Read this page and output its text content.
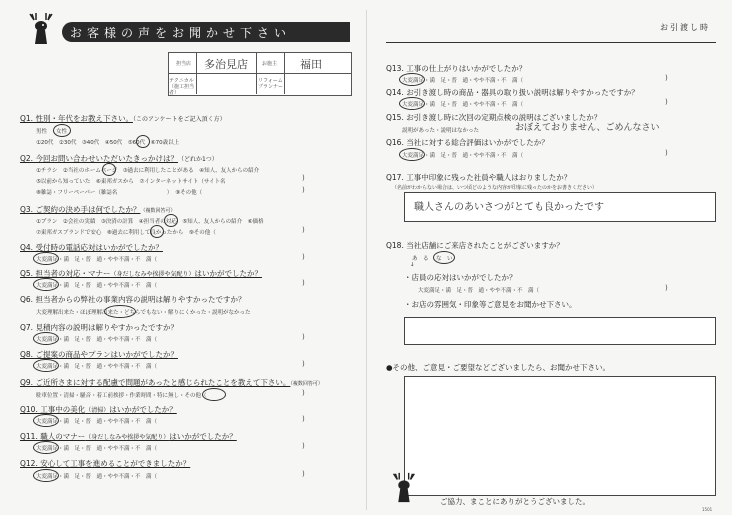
お客様の声をお聞かせ下さい
担当店 多治見店	お施主 福田
テクニカル（施工担当者）
リフォームプランナー
Q1. 性別・年代をお教え下さい。（このアンケートをご記入頂く方）
男性 女性
①20代　②30代　③40代　④50代　⑤60代　⑥70歳以上
Q2. 今回お問い合わせいただいたきっかけは？（どれか1つ）
①チラシ　②当社のホームページ　③過去に利用したことがある　④知人、友人からの紹介
⑤以前から知っていた　⑥東邦ガスから　⑦インターネットサイト（サイト名
⑧雑誌・フリーペーパー（雑誌名　　　　　　　　　）　⑨その他（
)
)
Q3. ご契約の決め手は何でしたか？（複数回答可）
①プラン　②会社の実績　③決済の計算　④担当者の対応　⑤知人、友人からの紹介　⑥価格
⑦東邦ガスブランドで安心　⑧過去に利用して良かったから　⑨その他（	)
Q4. 受付時の電話応対はいかがでしたか？
大変満足・満　足・普　通・やや不満・不　満（	)
Q5. 担当者の対応・マナー（身だしなみや挨拶や気配り）はいかがでしたか？
大変満足・満　足・普　通・やや不満・不　満（	)
Q6. 担当者からの弊社の事業内容の説明は解りやすかったですか？
大変理解出来た・ほぼ理解出来た・どちらでもない・解りにくかった・説明がなかった
Q7. 見積内容の説明は解りやすかったですか？
大変満足・満　足・普　通・やや不満・不　満（	)
Q8. ご提案の商品やプランはいかがでしたか？
大変満足・満　足・普　通・やや不満・不　満（	)
Q9. ご近所さまに対する配慮で問題があったと感じられたことを教えて下さい。（複数回答可）
駐車位置・清掃・騒音・着工前挨拶・作業時間・特に無し・その他（	)
Q10. 工事中の美化（清掃）はいかがでしたか？
大変満足・満　足・普　通・やや不満・不　満（	)
Q11. 職人のマナー（身だしなみや挨拶や気配り）はいかがでしたか？
大変満足・満　足・普　通・やや不満・不　満（	)
Q12. 安心して工事を進めることができましたか？
大変満足・満　足・普　通・やや不満・不　満（	)
お引渡し時
Q13. 工事の仕上がりはいかがでしたか？
大変満足・満　足・普　通・やや不満・不　満（	)
Q14. お引き渡し時の商品・器具の取り扱い説明は解りやすかったですか？
大変満足・満　足・普　通・やや不満・不　満（	)
Q15. お引き渡し時に次回の定期点検の説明はございましたか？
説明があった・説明はなかった	おぼえておりません、ごめんなさい
Q16. 当社に対する総合評価はいかがでしたか？
大変満足・満　足・普　通・やや不満・不　満（	)
Q17. 工事中印象に残った社員や職人はおりましたか？
（名前がわからない場合は、いつ頃どのような内容が印象に残ったのかをお書きください）
職人さんのあいさつがとても良かったです
Q18. 当社店舗にご来店されたことがございますか？
あ　る な　い
↓
・店員の応対はいかがでしたか？
大変満足・満　足・普　通・やや不満・不　満（	)
・お店の雰囲気・印象等ご意見をお聞かせ下さい。
●その他、ご意見・ご要望などございましたら、お聞かせ下さい。
ご協力、まことにありがとうございました。
1501
